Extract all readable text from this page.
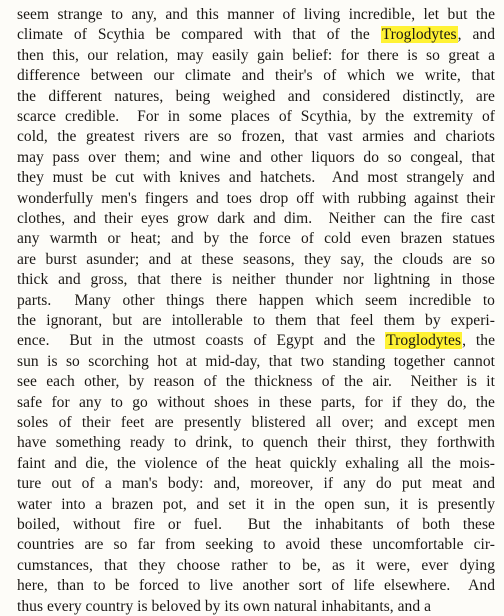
seem strange to any, and this manner of living incredible, let but the
climate of Scythia be compared with that of the Troglodytes, and
then this, our relation, may easily gain belief: for there is so great a
difference between our climate and their's of which we write, that
the different natures, being weighed and considered distinctly, are
scarce credible.  For in some places of Scythia, by the extremity of
cold, the greatest rivers are so frozen, that vast armies and chariots
may pass over them; and wine and other liquors do so congeal, that
they must be cut with knives and hatchets.  And most strangely and
wonderfully men's fingers and toes drop off with rubbing against their
clothes, and their eyes grow dark and dim.  Neither can the fire cast
any warmth or heat; and by the force of cold even brazen statues
are burst asunder; and at these seasons, they say, the clouds are so
thick and gross, that there is neither thunder nor lightning in those
parts.  Many other things there happen which seem incredible to
the ignorant, but are intollerable to them that feel them by experi-
ence.  But in the utmost coasts of Egypt and the Troglodytes, the
sun is so scorching hot at mid-day, that two standing together cannot
see each other, by reason of the thickness of the air.  Neither is it
safe for any to go without shoes in these parts, for if they do, the
soles of their feet are presently blistered all over; and except men
have something ready to drink, to quench their thirst, they forthwith
faint and die, the violence of the heat quickly exhaling all the mois-
ture out of a man's body: and, moreover, if any do put meat and
water into a brazen pot, and set it in the open sun, it is presently
boiled, without fire or fuel.  But the inhabitants of both these
countries are so far from seeking to avoid these uncomfortable cir-
cumstances, that they choose rather to be, as it were, ever dying
here, than to be forced to live another sort of life elsewhere.  And
thus every country is beloved by its own natural inhabitants, and a
